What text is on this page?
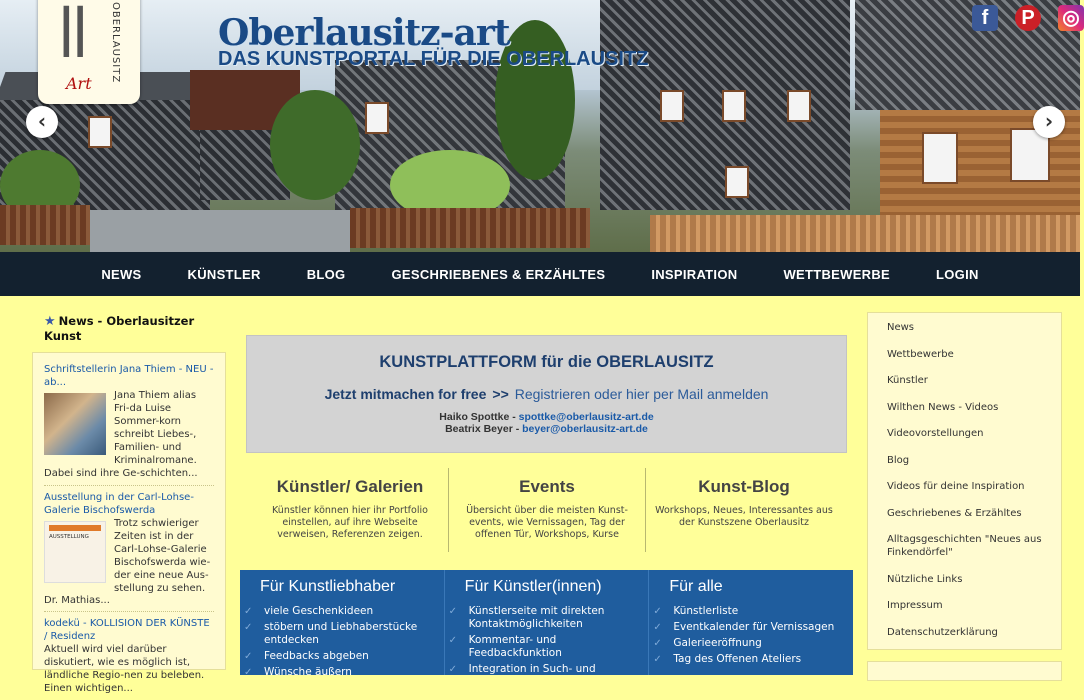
ǁ OBERLAUSITZ
Art
Oberlausitz-art
DAS KUNSTPORTAL FÜR DIE OBERLAUSITZ
f	P	◎
‹	›
NEWS	KÜNSTLER	BLOG	GESCHRIEBENES & ERZÄHLTES	INSPIRATION	WETTBEWERBE	LOGIN
★ News - Oberlausitzer Kunst
Schriftstellerin Jana Thiem - NEU - ab...
Jana Thiem alias Fri-da Luise Sommer-korn schreibt Liebes-, Familien- und Kriminalromane. Dabei sind ihre Ge-schichten...
Ausstellung in der Carl-Lohse-Galerie Bischofswerda
AUSSTELLUNG
Trotz schwieriger Zeiten ist in der Carl-Lohse-Galerie Bischofswerda wie-der eine neue Aus-stellung zu sehen.
Dr. Mathias...
kodekü - KOLLISION DER KÜNSTE / Residenz
Aktuell wird viel darüber diskutiert, wie es möglich ist, ländliche Regio-nen zu beleben. Einen wichtigen...
KUNSTPLATTFORM für die OBERLAUSITZ
Jetzt mitmachen for free >> Registrieren oder hier per Mail anmelden
Haiko Spottke - spottke@oberlausitz-art.de
Beatrix Beyer - beyer@oberlausitz-art.de
Künstler/ Galerien
Künstler können hier ihr Portfolio einstellen, auf ihre Webseite verweisen, Referenzen zeigen.
Events
Übersicht über die meisten Kunst-events, wie Vernissagen, Tag der offenen Tür, Workshops, Kurse
Kunst-Blog
Workshops, Neues, Interessantes aus der Kunstszene Oberlausitz
Für Kunstliebhaber
✓ viele Geschenkideen
✓ stöbern und Liebhaberstücke entdecken
✓ Feedbacks abgeben
✓ Wünsche äußern
Für Künstler(innen)
✓ Künstlerseite mit direkten Kontaktmöglichkeiten
✓ Kommentar- und Feedbackfunktion
✓ Integration in Such- und
Für alle
✓ Künstlerliste
✓ Eventkalender für Vernissagen
✓ Galerieeröffnung
✓ Tag des Offenen Ateliers
News
Wettbewerbe
Künstler
Wilthen News - Videos
Videovorstellungen
Blog
Videos für deine Inspiration
Geschriebenes & Erzähltes
Alltagsgeschichten "Neues aus Finkendörfel"
Nützliche Links
Impressum
Datenschutzerklärung
